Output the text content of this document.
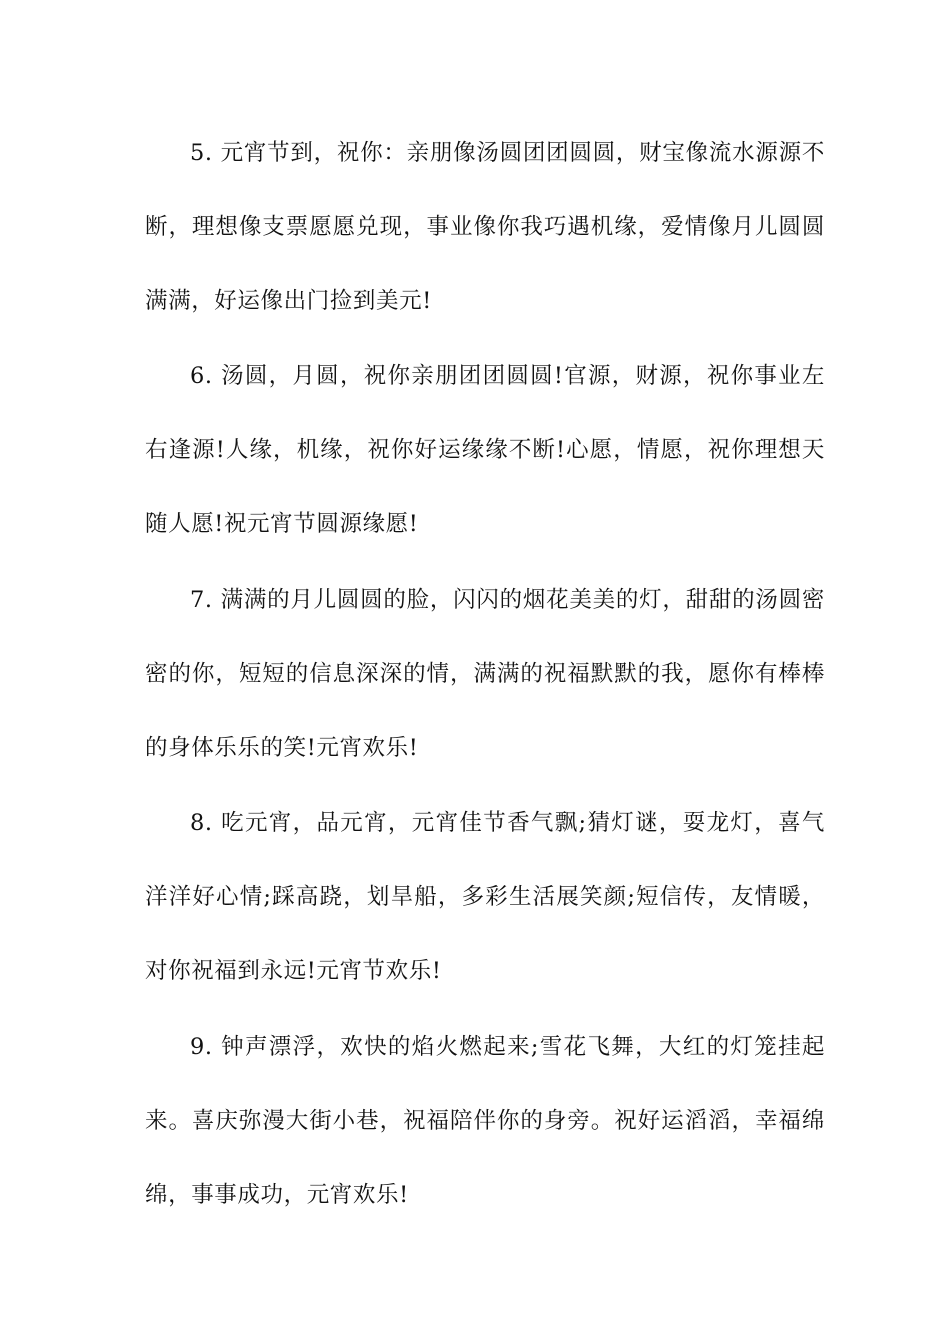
5. 元宵节到，祝你：亲朋像汤圆团团圆圆，财宝像流水源源不断，理想像支票愿愿兑现，事业像你我巧遇机缘，爱情像月儿圆圆满满，好运像出门捡到美元!

6. 汤圆，月圆，祝你亲朋团团圆圆!官源，财源，祝你事业左右逢源!人缘，机缘，祝你好运缘缘不断!心愿，情愿，祝你理想天随人愿!祝元宵节圆源缘愿!

7. 满满的月儿圆圆的脸，闪闪的烟花美美的灯，甜甜的汤圆密密的你，短短的信息深深的情，满满的祝福默默的我，愿你有棒棒的身体乐乐的笑!元宵欢乐!

8. 吃元宵，品元宵，元宵佳节香气飘;猜灯谜，耍龙灯，喜气洋洋好心情;踩高跷，划旱船，多彩生活展笑颜;短信传，友情暖，对你祝福到永远!元宵节欢乐!

9. 钟声漂浮，欢快的焰火燃起来;雪花飞舞，大红的灯笼挂起来。喜庆弥漫大街小巷，祝福陪伴你的身旁。祝好运滔滔，幸福绵绵，事事成功，元宵欢乐!
